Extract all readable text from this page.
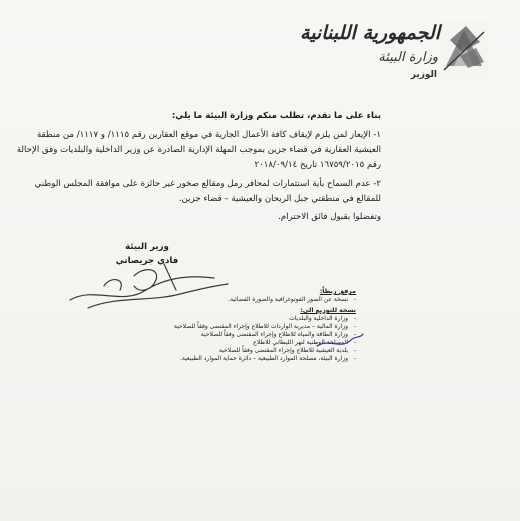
الجمهورية اللبنانية
وزارة البيئة
الوزير
بناء على ما تقدم، تطلب منكم وزارة البيئة ما يلي:
١- الإيعاز لمن يلزم لإيقاف كافة الأعمال الجارية في موقع العقارين رقم ١١١٥/ و ١١١٧/ من منطقة العيشية العقارية في قضاء جزين بموجب المهلة الإدارية الصادرة عن وزير الداخلية والبلديات وفق الإحالة رقم ١٦٧٥٩/٢٠١٥ تاريخ ٢٠١٨/٠٩/١٤
٢- عدم السماح بأية استثمارات لمحافر رمل ومقالع صخور غير حائزة على موافقة المجلس الوطني للمقالع في منطقتي جبل الريحان والعيشية – قضاء جزين.
وتفضلوا بقبول فائق الاحترام.
وزير البيئة
فادي جريصاتي
مرفق ربطاً:
- نسخة عن الصور الفوتوغرافية والصورة الفضائية.
نسخة للتوزيع الى:
- وزارة الداخلية والبلديات
- وزارة المالية – مديرية الواردات للاطلاع وإجراء المقتضى وفقاً للصلاحية
- وزارة الطاقة والمياه للاطلاع وإجراء المقتضى وفقاً للصلاحية
- المصلحة الوطنية لنهر الليطاني للاطلاع
- بلدية العيشية للاطلاع وإجراء المقتضى وفقاً للصلاحية
- وزارة البيئة، مصلحة الموارد الطبيعية – دائرة حماية الموارد الطبيعية.
